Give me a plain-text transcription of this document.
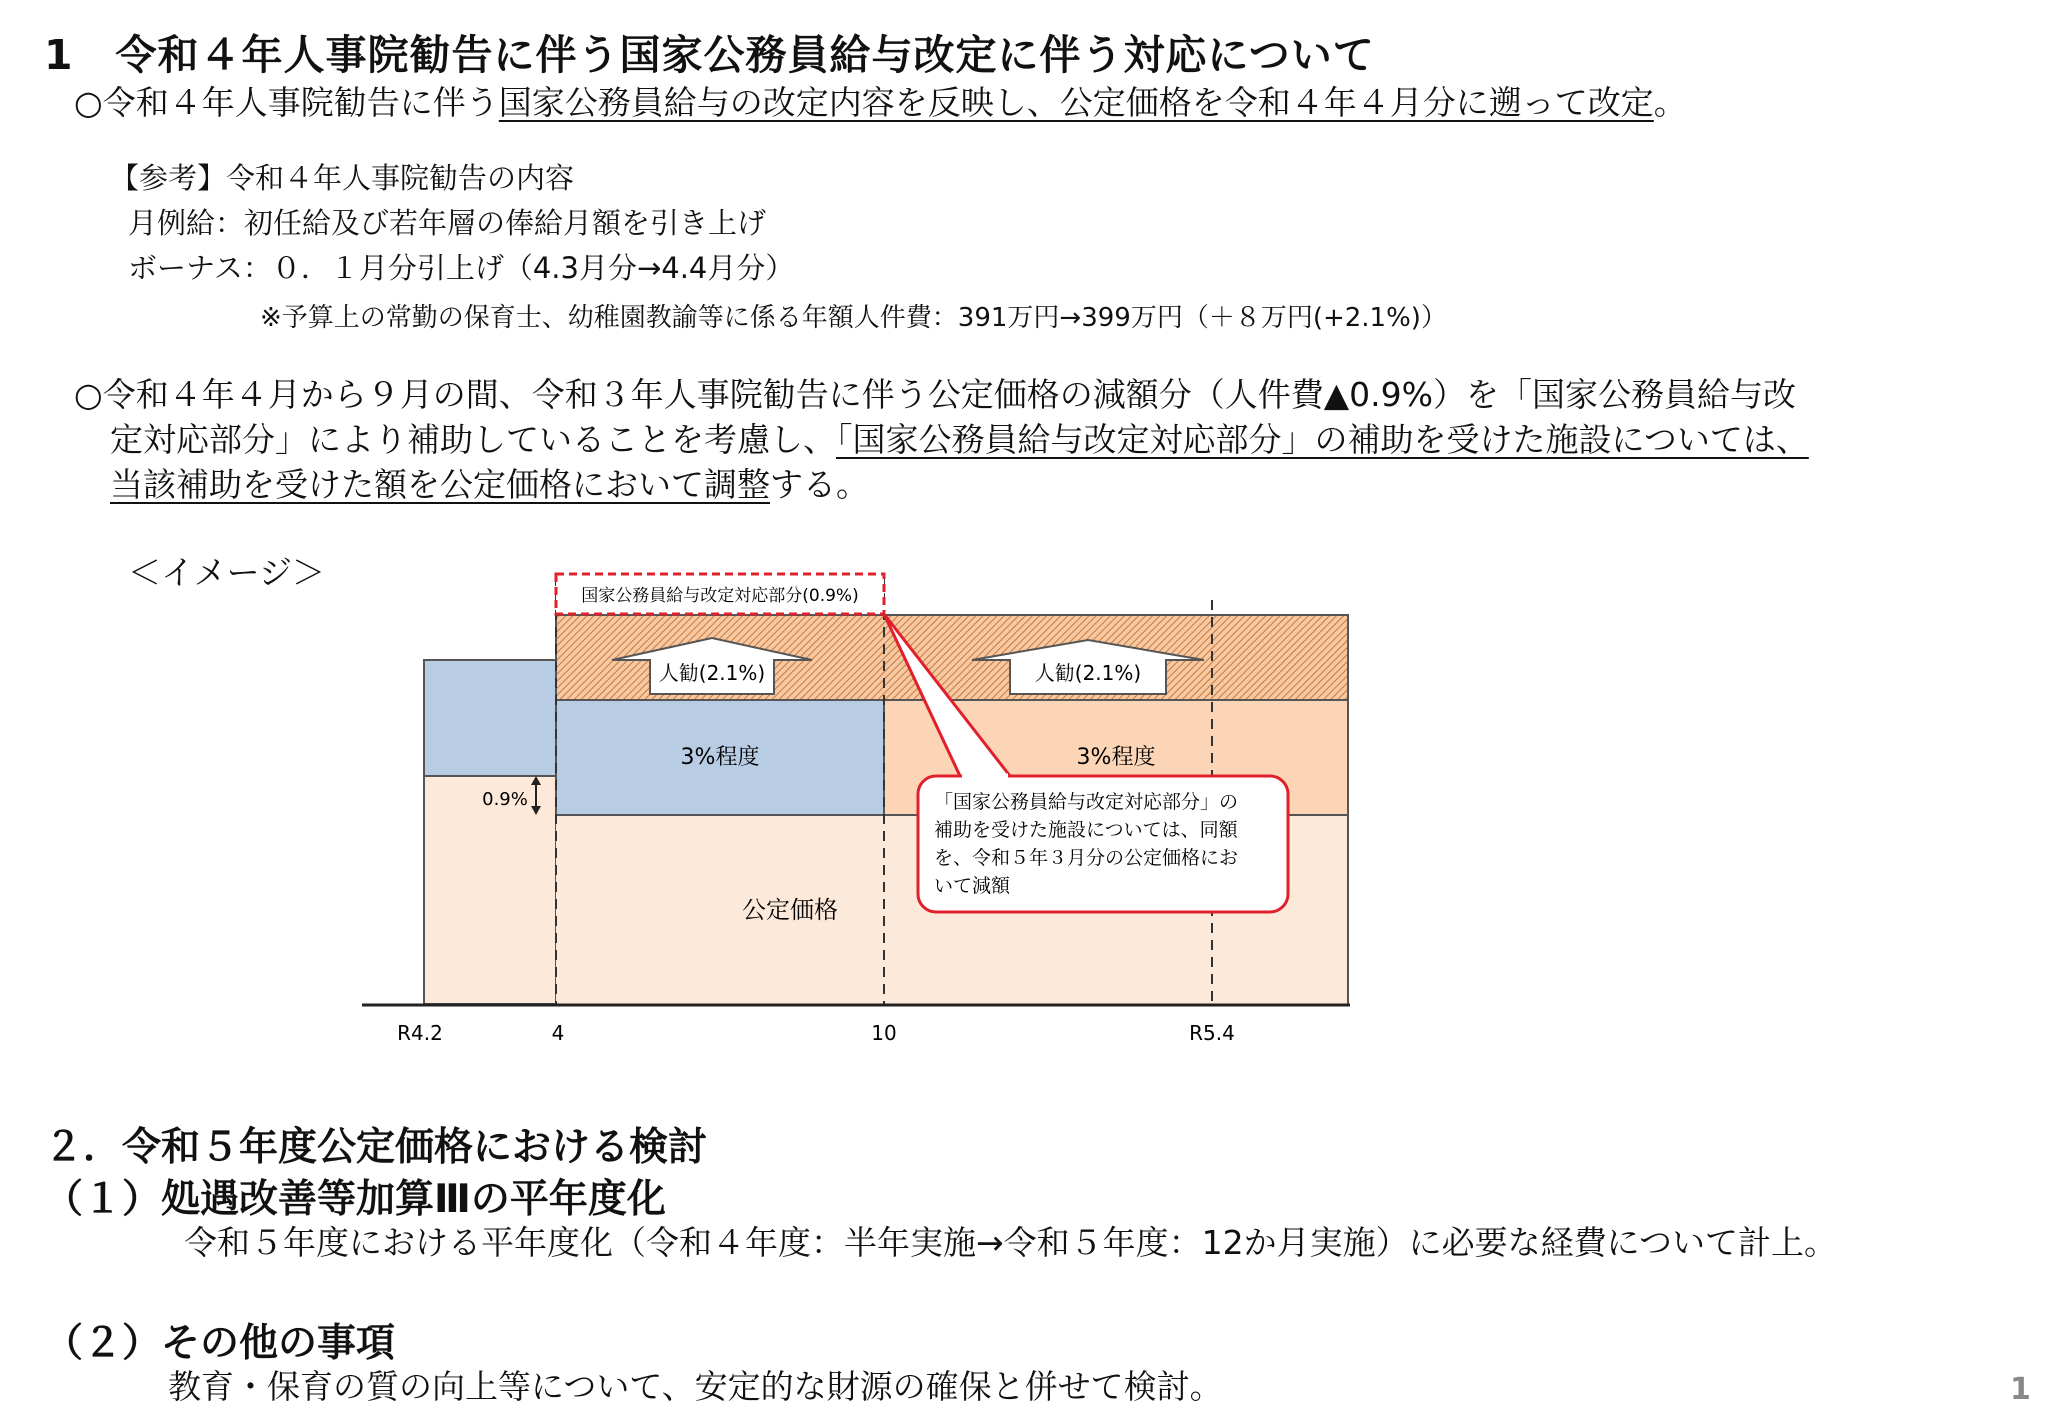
1　令和４年人事院勧告に伴う国家公務員給与改定に伴う対応について
○令和４年人事院勧告に伴う国家公務員給与の改定内容を反映し、公定価格を令和４年４月分に遡って改定。
【参考】令和４年人事院勧告の内容
月例給：初任給及び若年層の俸給月額を引き上げ
ボーナス：０．１月分引上げ（4.3月分→4.4月分）
※予算上の常勤の保育士、幼稚園教諭等に係る年額人件費：391万円→399万円（＋８万円(+2.1%)）
○令和４年４月から９月の間、令和３年人事院勧告に伴う公定価格の減額分（人件費▲0.9%）を「国家公務員給与改
定対応部分」により補助していることを考慮し、「国家公務員給与改定対応部分」の補助を受けた施設については、
当該補助を受けた額を公定価格において調整する。
＜イメージ＞
人勧(2.1%)	人勧(2.1%)
3%程度	3%程度
公定価格
0.9%
国家公務員給与改定対応部分(0.9%)
「国家公務員給与改定対応部分」の
補助を受けた施設については、同額
を、令和５年３月分の公定価格にお
いて減額
R4.2	4	10	R5.4
２．令和５年度公定価格における検討
（１）処遇改善等加算Ⅲの平年度化
令和５年度における平年度化（令和４年度：半年実施→令和５年度：12か月実施）に必要な経費について計上。
（２）その他の事項
教育・保育の質の向上等について、安定的な財源の確保と併せて検討。	1
